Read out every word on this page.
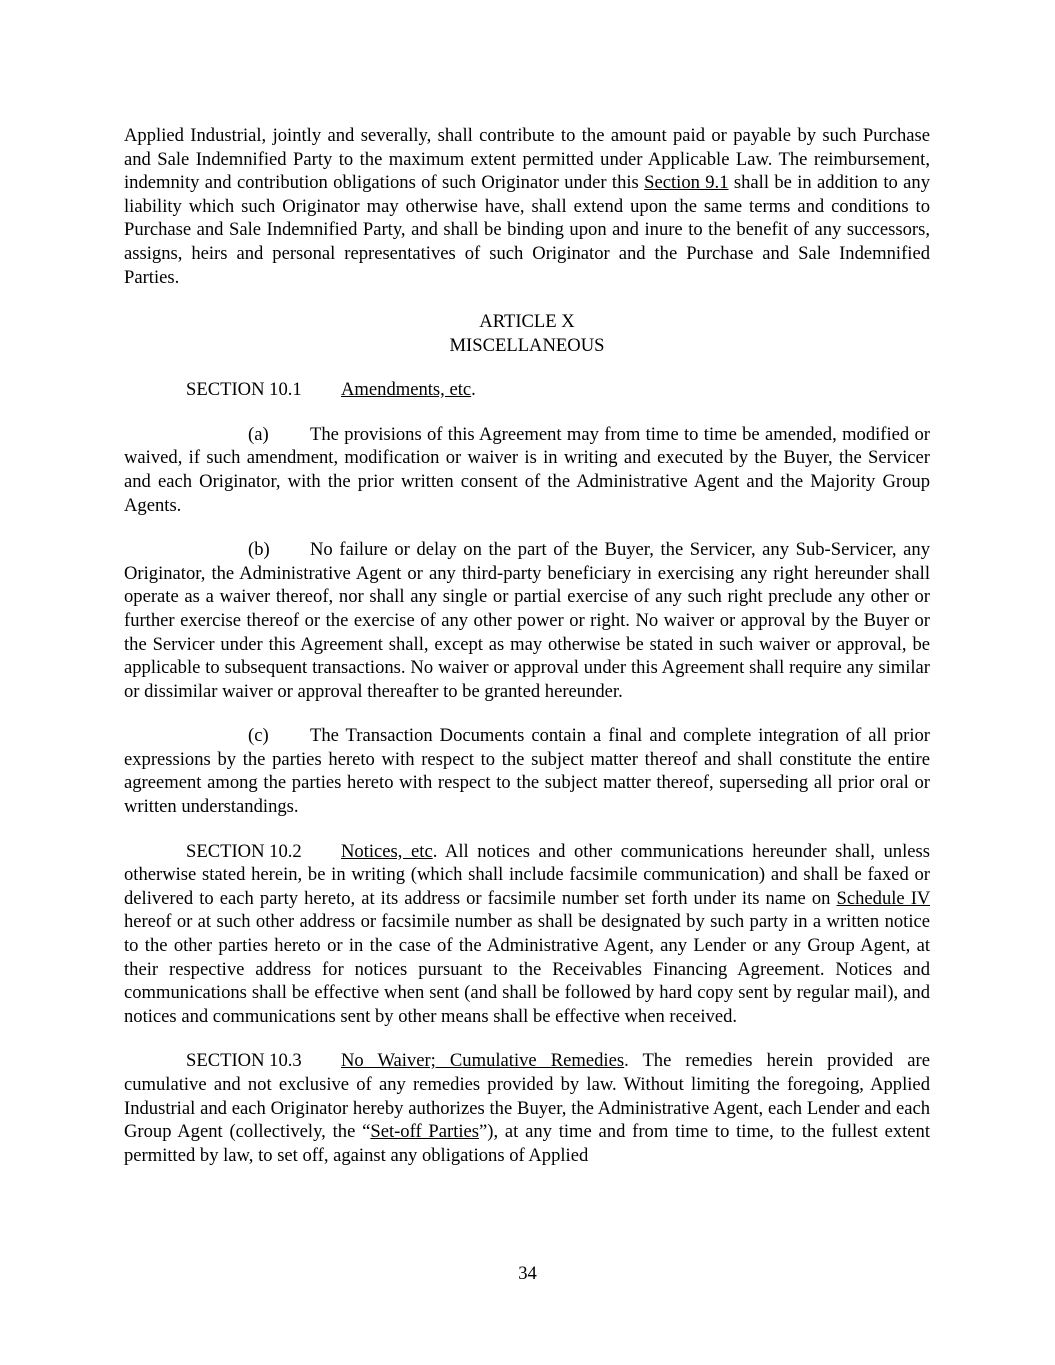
Applied Industrial, jointly and severally, shall contribute to the amount paid or payable by such Purchase and Sale Indemnified Party to the maximum extent permitted under Applicable Law. The reimbursement, indemnity and contribution obligations of such Originator under this Section 9.1 shall be in addition to any liability which such Originator may otherwise have, shall extend upon the same terms and conditions to Purchase and Sale Indemnified Party, and shall be binding upon and inure to the benefit of any successors, assigns, heirs and personal representatives of such Originator and the Purchase and Sale Indemnified Parties.

ARTICLE X
MISCELLANEOUS

SECTION 10.1 Amendments, etc.

(a) The provisions of this Agreement may from time to time be amended, modified or waived, if such amendment, modification or waiver is in writing and executed by the Buyer, the Servicer and each Originator, with the prior written consent of the Administrative Agent and the Majority Group Agents.

(b) No failure or delay on the part of the Buyer, the Servicer, any Sub-Servicer, any Originator, the Administrative Agent or any third-party beneficiary in exercising any right hereunder shall operate as a waiver thereof, nor shall any single or partial exercise of any such right preclude any other or further exercise thereof or the exercise of any other power or right. No waiver or approval by the Buyer or the Servicer under this Agreement shall, except as may otherwise be stated in such waiver or approval, be applicable to subsequent transactions. No waiver or approval under this Agreement shall require any similar or dissimilar waiver or approval thereafter to be granted hereunder.

(c) The Transaction Documents contain a final and complete integration of all prior expressions by the parties hereto with respect to the subject matter thereof and shall constitute the entire agreement among the parties hereto with respect to the subject matter thereof, superseding all prior oral or written understandings.

SECTION 10.2 Notices, etc. All notices and other communications hereunder shall, unless otherwise stated herein, be in writing (which shall include facsimile communication) and shall be faxed or delivered to each party hereto, at its address or facsimile number set forth under its name on Schedule IV hereof or at such other address or facsimile number as shall be designated by such party in a written notice to the other parties hereto or in the case of the Administrative Agent, any Lender or any Group Agent, at their respective address for notices pursuant to the Receivables Financing Agreement. Notices and communications shall be effective when sent (and shall be followed by hard copy sent by regular mail), and notices and communications sent by other means shall be effective when received.

SECTION 10.3 No Waiver; Cumulative Remedies. The remedies herein provided are cumulative and not exclusive of any remedies provided by law. Without limiting the foregoing, Applied Industrial and each Originator hereby authorizes the Buyer, the Administrative Agent, each Lender and each Group Agent (collectively, the “Set-off Parties”), at any time and from time to time, to the fullest extent permitted by law, to set off, against any obligations of Applied

34
